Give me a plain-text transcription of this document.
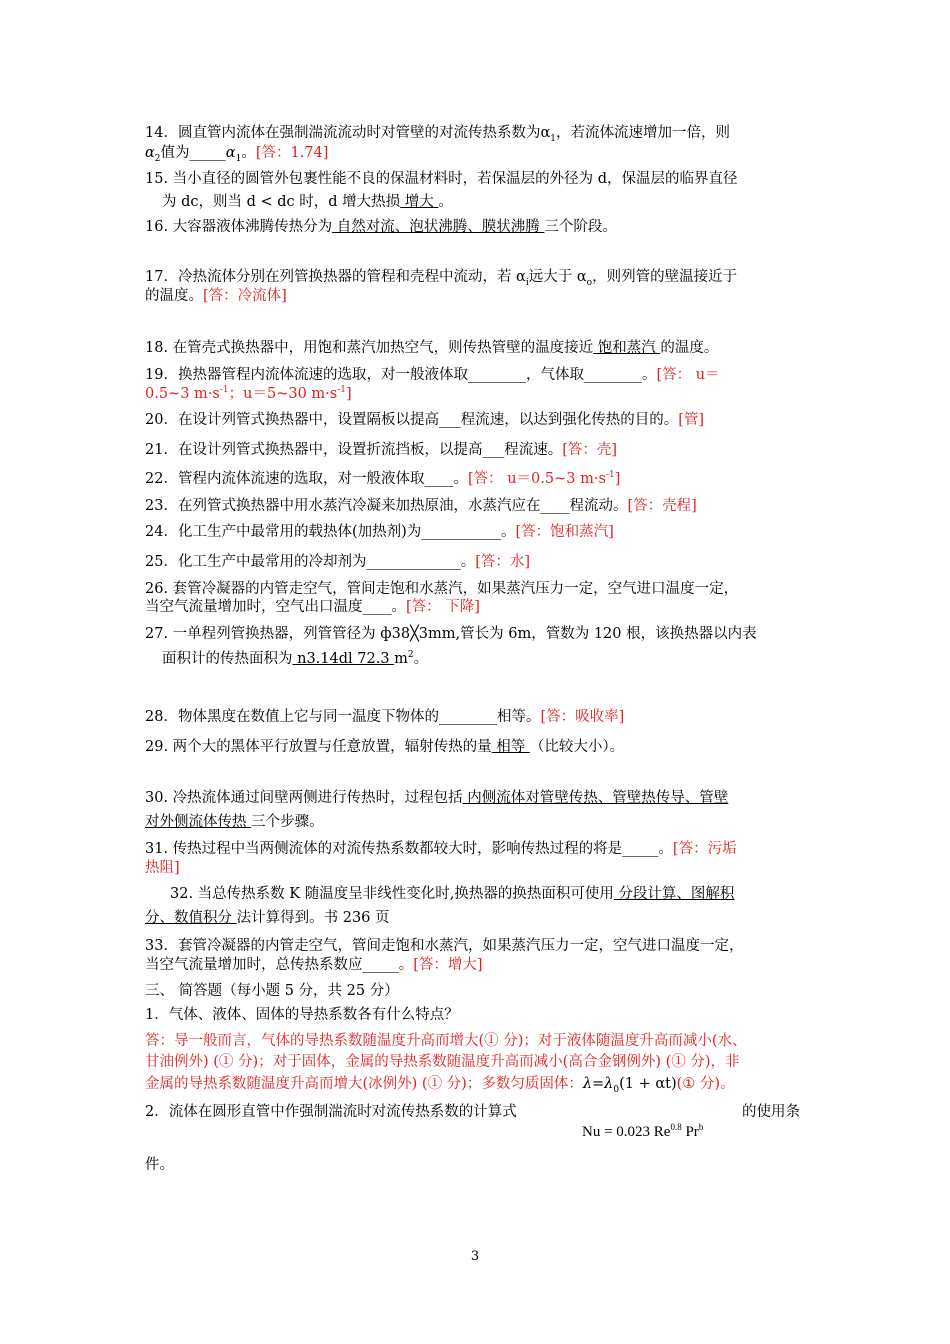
14．圆直管内流体在强制湍流流动时对管壁的对流传热系数为$\alpha_1$，若流体流速增加一倍，则
$\alpha_2$值为$\_\_\_\_\_\alpha_1$。[答：1.74]
15. 当小直径的圆管外包裹性能不良的保温材料时，若保温层的外径为 d，保温层的临界直径
为 dc，则当 d < dc 时，d 增大热损 增大 。
16. 大容器液体沸腾传热分为 自然对流、泡状沸腾、膜状沸腾 三个阶段。
17．冷热流体分别在列管换热器的管程和壳程中流动，若 $\alpha_i$远大于 $\alpha_o$，则列管的壁温接近于
的温度。[答：冷流体]
18. 在管壳式换热器中，用饱和蒸汽加热空气，则传热管壁的温度接近 饱和蒸汽 的温度。
19．换热器管程内流体流速的选取，对一般液体取________，气体取________。[答： u＝
0.5~3 $m\cdot s^{-1}$；u＝5~30 $m\cdot s^{-1}$]
20．在设计列管式换热器中，设置隔板以提高___程流速，以达到强化传热的目的。[管]
21．在设计列管式换热器中，设置折流挡板，以提高___程流速。[答：壳]
22．管程内流体流速的选取，对一般液体取____。[答： u＝0.5~3 $m\cdot s^{-1}$]
23．在列管式换热器中用水蒸汽冷凝来加热原油，水蒸汽应在____程流动。[答：壳程]
24．化工生产中最常用的载热体(加热剂)为___________。[答：饱和蒸汽]
25．化工生产中最常用的冷却剂为_____________。[答：水]
26. 套管冷凝器的内管走空气，管间走饱和水蒸汽，如果蒸汽压力一定，空气进口温度一定，
当空气流量增加时，空气出口温度____。[答： 下降]
27. 一单程列管换热器，列管管径为 ф38╳3mm,管长为 6m，管数为 120 根，该换热器以内表
面积计的传热面积为 n3.14dl 72.3 $m^2$。
28．物体黑度在数值上它与同一温度下物体的________相等。[答：吸收率]
29. 两个大的黑体平行放置与任意放置，辐射传热的量 相等 （比较大小）。
30. 冷热流体通过间壁两侧进行传热时，过程包括 内侧流体对管壁传热、管壁热传导、管壁
对外侧流体传热 三个步骤。
31. 传热过程中当两侧流体的对流传热系数都较大时，影响传热过程的将是_____。[答：污垢
热阻]
32. 当总传热系数 K 随温度呈非线性变化时,换热器的换热面积可使用 分段计算、图解积
分、数值积分 法计算得到。书 236 页
33．套管冷凝器的内管走空气，管间走饱和水蒸汽，如果蒸汽压力一定，空气进口温度一定，
当空气流量增加时，总传热系数应_____。[答：增大]
三、 简答题（每小题 5 分，共 25 分）
1．气体、液体、固体的导热系数各有什么特点？
答：导一般而言，气体的导热系数随温度升高而增大(① 分)；对于液体随温度升高而减小(水、
甘油例外) (① 分)；对于固体，金属的导热系数随温度升高而减小(高合金钢例外) (① 分)，非
金属的导热系数随温度升高而增大(冰例外) (① 分)；多数匀质固体：$\lambda=\lambda_0(1$ + αt)(① 分)。
2．流体在圆形直管中作强制湍流时对流传热系数的计算式
Nu = 0.023 $Re^{0.8}$ Pr$^b$
的使用条
件。
3
